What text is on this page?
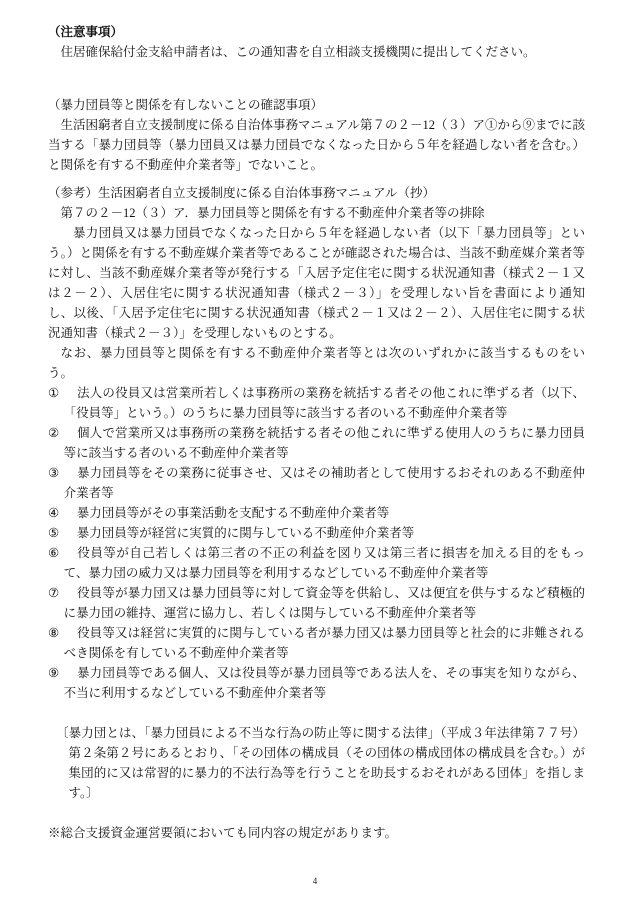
（注意事項）
住居確保給付金支給申請者は、この通知書を自立相談支援機関に提出してください。
（暴力団員等と関係を有しないことの確認事項）
生活困窮者自立支援制度に係る自治体事務マニュアル第７の２－12（３）ア①から⑨までに該当する「暴力団員等（暴力団員又は暴力団員でなくなった日から５年を経過しない者を含む。）と関係を有する不動産仲介業者等」でないこと。
（参考）生活困窮者自立支援制度に係る自治体事務マニュアル（抄）
第７の２－12（３）ア．暴力団員等と関係を有する不動産仲介業者等の排除
暴力団員又は暴力団員でなくなった日から５年を経過しない者（以下「暴力団員等」という。）と関係を有する不動産媒介業者等であることが確認された場合は、当該不動産媒介業者等に対し、当該不動産媒介業者等が発行する「入居予定住宅に関する状況通知書（様式２－１又は２－２）、入居住宅に関する状況通知書（様式２－３）」を受理しない旨を書面により通知し、以後、「入居予定住宅に関する状況通知書（様式２－１又は２－２）、入居住宅に関する状況通知書（様式２－３）」を受理しないものとする。
なお、暴力団員等と関係を有する不動産仲介業者等とは次のいずれかに該当するものをいう。
① 法人の役員又は営業所若しくは事務所の業務を統括する者その他これに準ずる者（以下、「役員等」という。）のうちに暴力団員等に該当する者のいる不動産仲介業者等
② 個人で営業所又は事務所の業務を統括する者その他これに準ずる使用人のうちに暴力団員等に該当する者のいる不動産仲介業者等
③ 暴力団員等をその業務に従事させ、又はその補助者として使用するおそれのある不動産仲介業者等
④ 暴力団員等がその事業活動を支配する不動産仲介業者等
⑤ 暴力団員等が経営に実質的に関与している不動産仲介業者等
⑥ 役員等が自己若しくは第三者の不正の利益を図り又は第三者に損害を加える目的をもって、暴力団の威力又は暴力団員等を利用するなどしている不動産仲介業者等
⑦ 役員等が暴力団又は暴力団員等に対して資金等を供給し、又は便宜を供与するなど積極的に暴力団の維持、運営に協力し、若しくは関与している不動産仲介業者等
⑧ 役員等又は経営に実質的に関与している者が暴力団又は暴力団員等と社会的に非難されるべき関係を有している不動産仲介業者等
⑨ 暴力団員等である個人、又は役員等が暴力団員等である法人を、その事実を知りながら、不当に利用するなどしている不動産仲介業者等
〔暴力団とは、「暴力団員による不当な行為の防止等に関する法律」（平成３年法律第７７号）第２条第２号にあるとおり、「その団体の構成員（その団体の構成団体の構成員を含む。）が集団的に又は常習的に暴力的不法行為等を行うことを助長するおそれがある団体」を指します。〕
※総合支援資金運営要領においても同内容の規定があります。
4
